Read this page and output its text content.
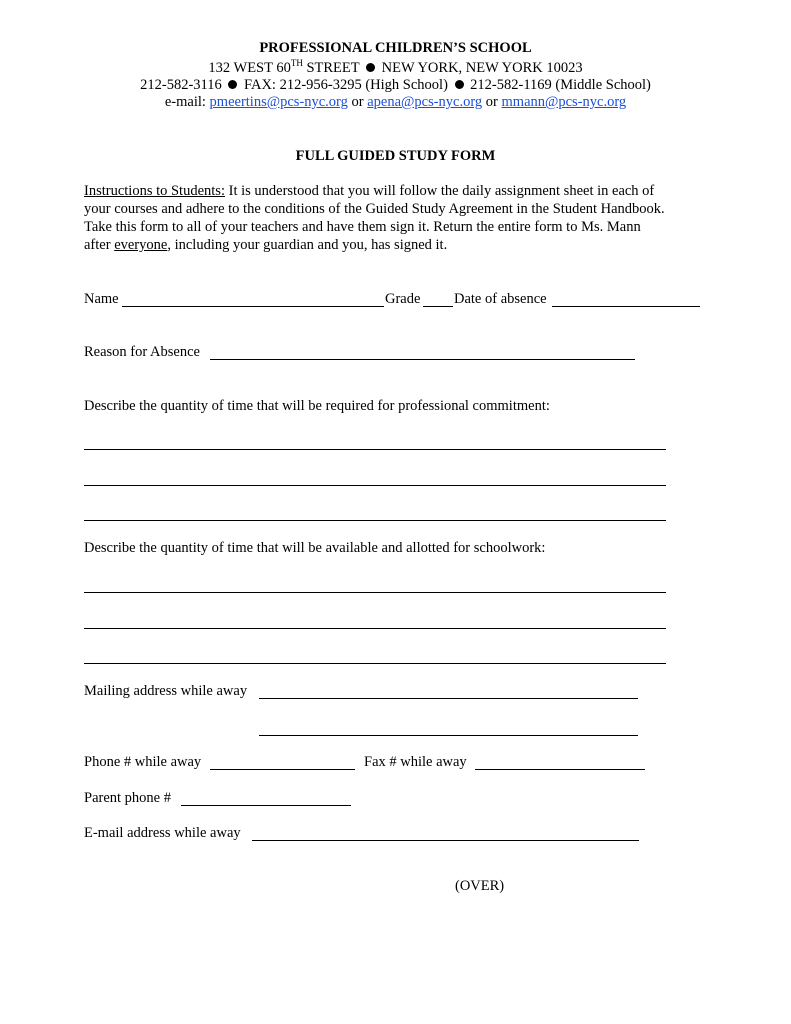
PROFESSIONAL CHILDREN’S SCHOOL
132 WEST 60TH STREET NEW YORK, NEW YORK 10023
212-582-3116 FAX: 212-956-3295 (High School) 212-582-1169 (Middle School)
e-mail: pmeertins@pcs-nyc.org or apena@pcs-nyc.org or mmann@pcs-nyc.org
FULL GUIDED STUDY FORM
Instructions to Students: It is understood that you will follow the daily assignment sheet in each of
your courses and adhere to the conditions of the Guided Study Agreement in the Student Handbook.
Take this form to all of your teachers and have them sign it. Return the entire form to Ms. Mann
after everyone, including your guardian and you, has signed it.
Name	Grade Date of absence
Reason for Absence
Describe the quantity of time that will be required for professional commitment:
Describe the quantity of time that will be available and allotted for schoolwork:
Mailing address while away
Phone # while away	Fax # while away
Parent phone #
E-mail address while away
(OVER)
